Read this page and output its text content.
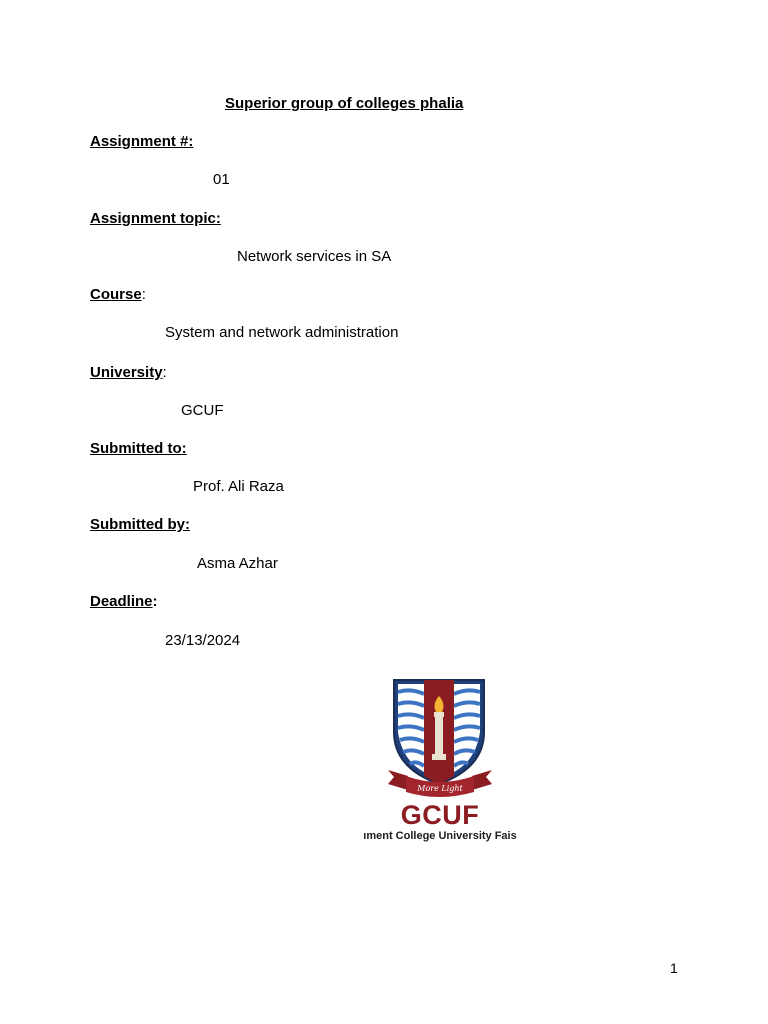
Superior group of colleges phalia
Assignment #:
01
Assignment topic:
Network services in SA
Course:
System and network administration
University:
GCUF
Submitted to:
Prof. Ali Raza
Submitted by:
Asma Azhar
Deadline:
23/13/2024
More Light
GCUF
ıment College University Fais
1
